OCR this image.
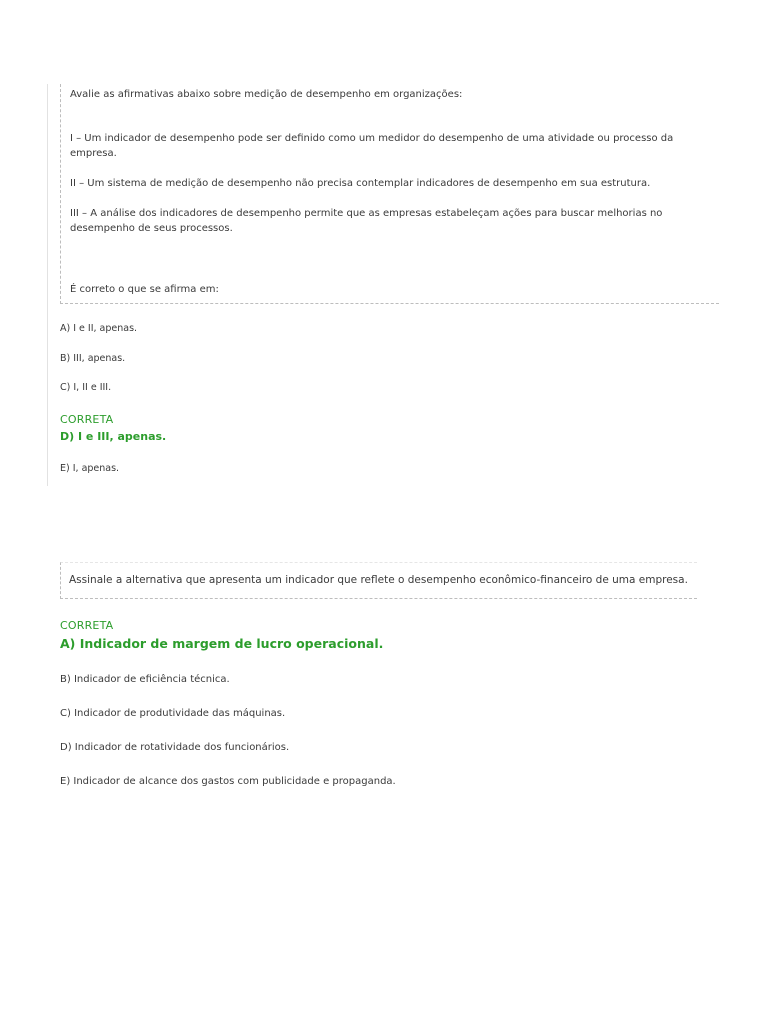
Avalie as afirmativas abaixo sobre medição de desempenho em organizações:
I – Um indicador de desempenho pode ser definido como um medidor do desempenho de uma atividade ou processo da empresa.
II – Um sistema de medição de desempenho não precisa contemplar indicadores de desempenho em sua estrutura.
III – A análise dos indicadores de desempenho permite que as empresas estabeleçam ações para buscar melhorias no desempenho de seus processos.
É correto o que se afirma em:
A) I e II, apenas.
B) III, apenas.
C) I, II e III.
CORRETA
D) I e III, apenas.
E) I, apenas.
Assinale a alternativa que apresenta um indicador que reflete o desempenho econômico-financeiro de uma empresa.
CORRETA
A) Indicador de margem de lucro operacional.
B) Indicador de eficiência técnica.
C) Indicador de produtividade das máquinas.
D) Indicador de rotatividade dos funcionários.
E) Indicador de alcance dos gastos com publicidade e propaganda.
